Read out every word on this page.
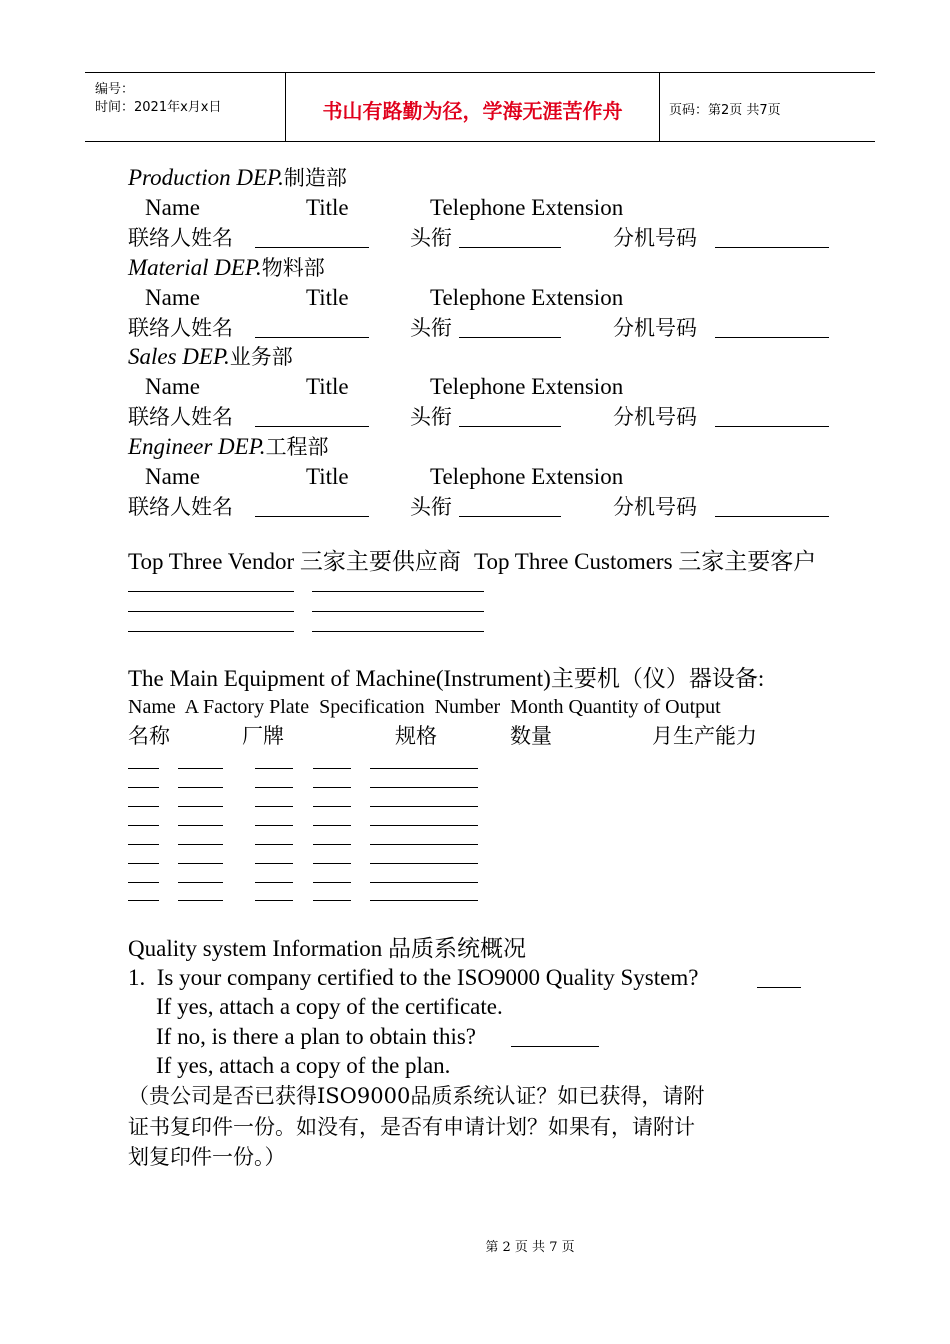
编号：
时间：2021年x月x日	书山有路勤为径，学海无涯苦作舟	页码：第2页 共7页
Production DEP.制造部
Name	Title	Telephone Extension
联络人姓名	头衔	分机号码
Material DEP.物料部
Name	Title	Telephone Extension
联络人姓名	头衔	分机号码
Sales DEP.业务部
Name	Title	Telephone Extension
联络人姓名	头衔	分机号码
Engineer DEP.工程部
Name	Title	Telephone Extension
联络人姓名	头衔	分机号码
Top Three Vendor 三家主要供应商 Top Three Customers 三家主要客户
The Main Equipment of Machine(Instrument)主要机（仪）器设备:
Name  A Factory Plate  Specification  Number  Month Quantity of Output
名称	厂牌	规格	数量	月生产能力
Quality system Information 品质系统概况
1.  Is your company certified to the ISO9000 Quality System?
If yes, attach a copy of the certificate.
If no, is there a plan to obtain this?
If yes, attach a copy of the plan.
（贵公司是否已获得ISO9000品质系统认证？如已获得，请附
证书复印件一份。如没有，是否有申请计划？如果有，请附计
划复印件一份。）
第 2 页 共 7 页
